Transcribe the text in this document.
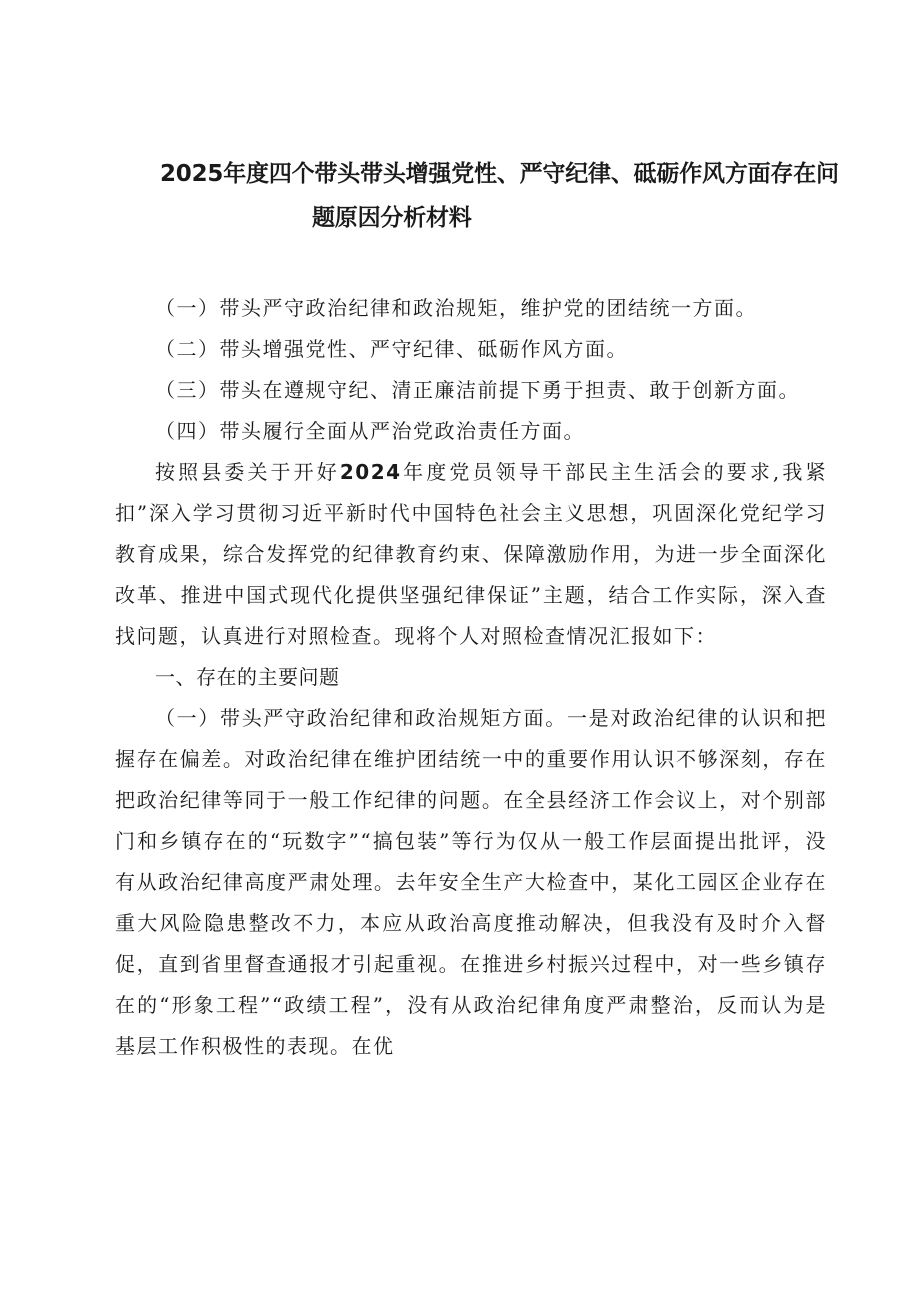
2025年度四个带头带头增强党性、严守纪律、砥砺作风方面存在问
题原因分析材料

（一）带头严守政治纪律和政治规矩，维护党的团结统一方面。

（二）带头增强党性、严守纪律、砥砺作风方面。

（三）带头在遵规守纪、清正廉洁前提下勇于担责、敢于创新方面。

（四）带头履行全面从严治党政治责任方面。

按照县委关于开好2024年度党员领导干部民主生活会的要求,我紧扣”深入学习贯彻习近平新时代中国特色社会主义思想，巩固深化党纪学习教育成果，综合发挥党的纪律教育约束、保障激励作用，为进一步全面深化改革、推进中国式现代化提供坚强纪律保证”主题，结合工作实际，深入查找问题，认真进行对照检查。现将个人对照检查情况汇报如下：

一、存在的主要问题

（一）带头严守政治纪律和政治规矩方面。一是对政治纪律的认识和把握存在偏差。对政治纪律在维护团结统一中的重要作用认识不够深刻，存在把政治纪律等同于一般工作纪律的问题。在全县经济工作会议上，对个别部门和乡镇存在的“玩数字”“搞包装”等行为仅从一般工作层面提出批评，没有从政治纪律高度严肃处理。去年安全生产大检查中，某化工园区企业存在重大风险隐患整改不力，本应从政治高度推动解决，但我没有及时介入督促，直到省里督查通报才引起重视。在推进乡村振兴过程中，对一些乡镇存在的“形象工程”“政绩工程”，没有从政治纪律角度严肃整治，反而认为是基层工作积极性的表现。在优
